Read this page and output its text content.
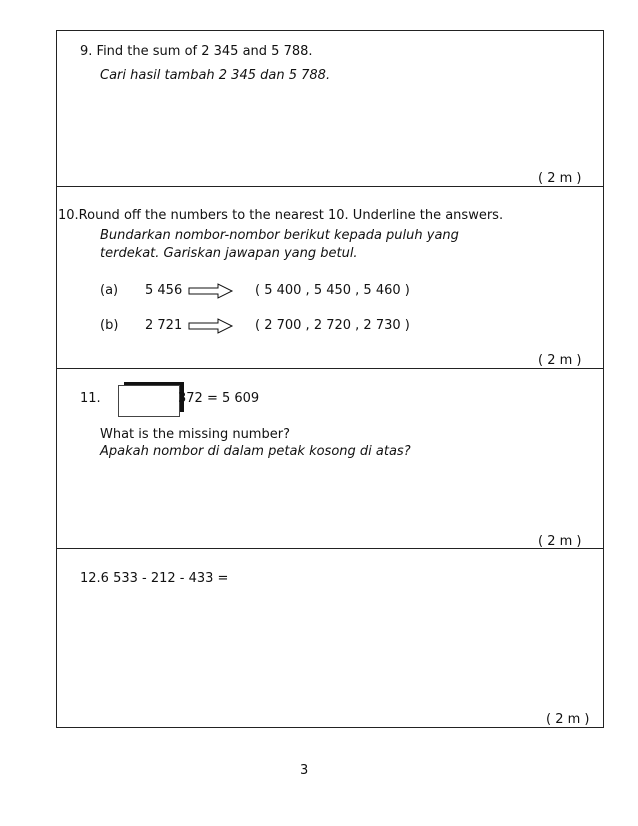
9. Find the sum of 2 345 and 5 788.
Cari hasil tambah 2 345 dan 5 788.
( 2 m )
10.Round off the numbers to the nearest 10. Underline the answers.
Bundarkan nombor-nombor berikut kepada puluh yang
terdekat. Gariskan jawapan yang betul.
(a) 5 456	( 5 400 , 5 450 , 5 460 )
(b) 2 721	( 2 700 , 2 720 , 2 730 )
( 2 m )
11.	372 = 5 609
What is the missing number?
Apakah nombor di dalam petak kosong di atas?
( 2 m )
12.6 533 - 212 - 433 =
( 2 m )
3
